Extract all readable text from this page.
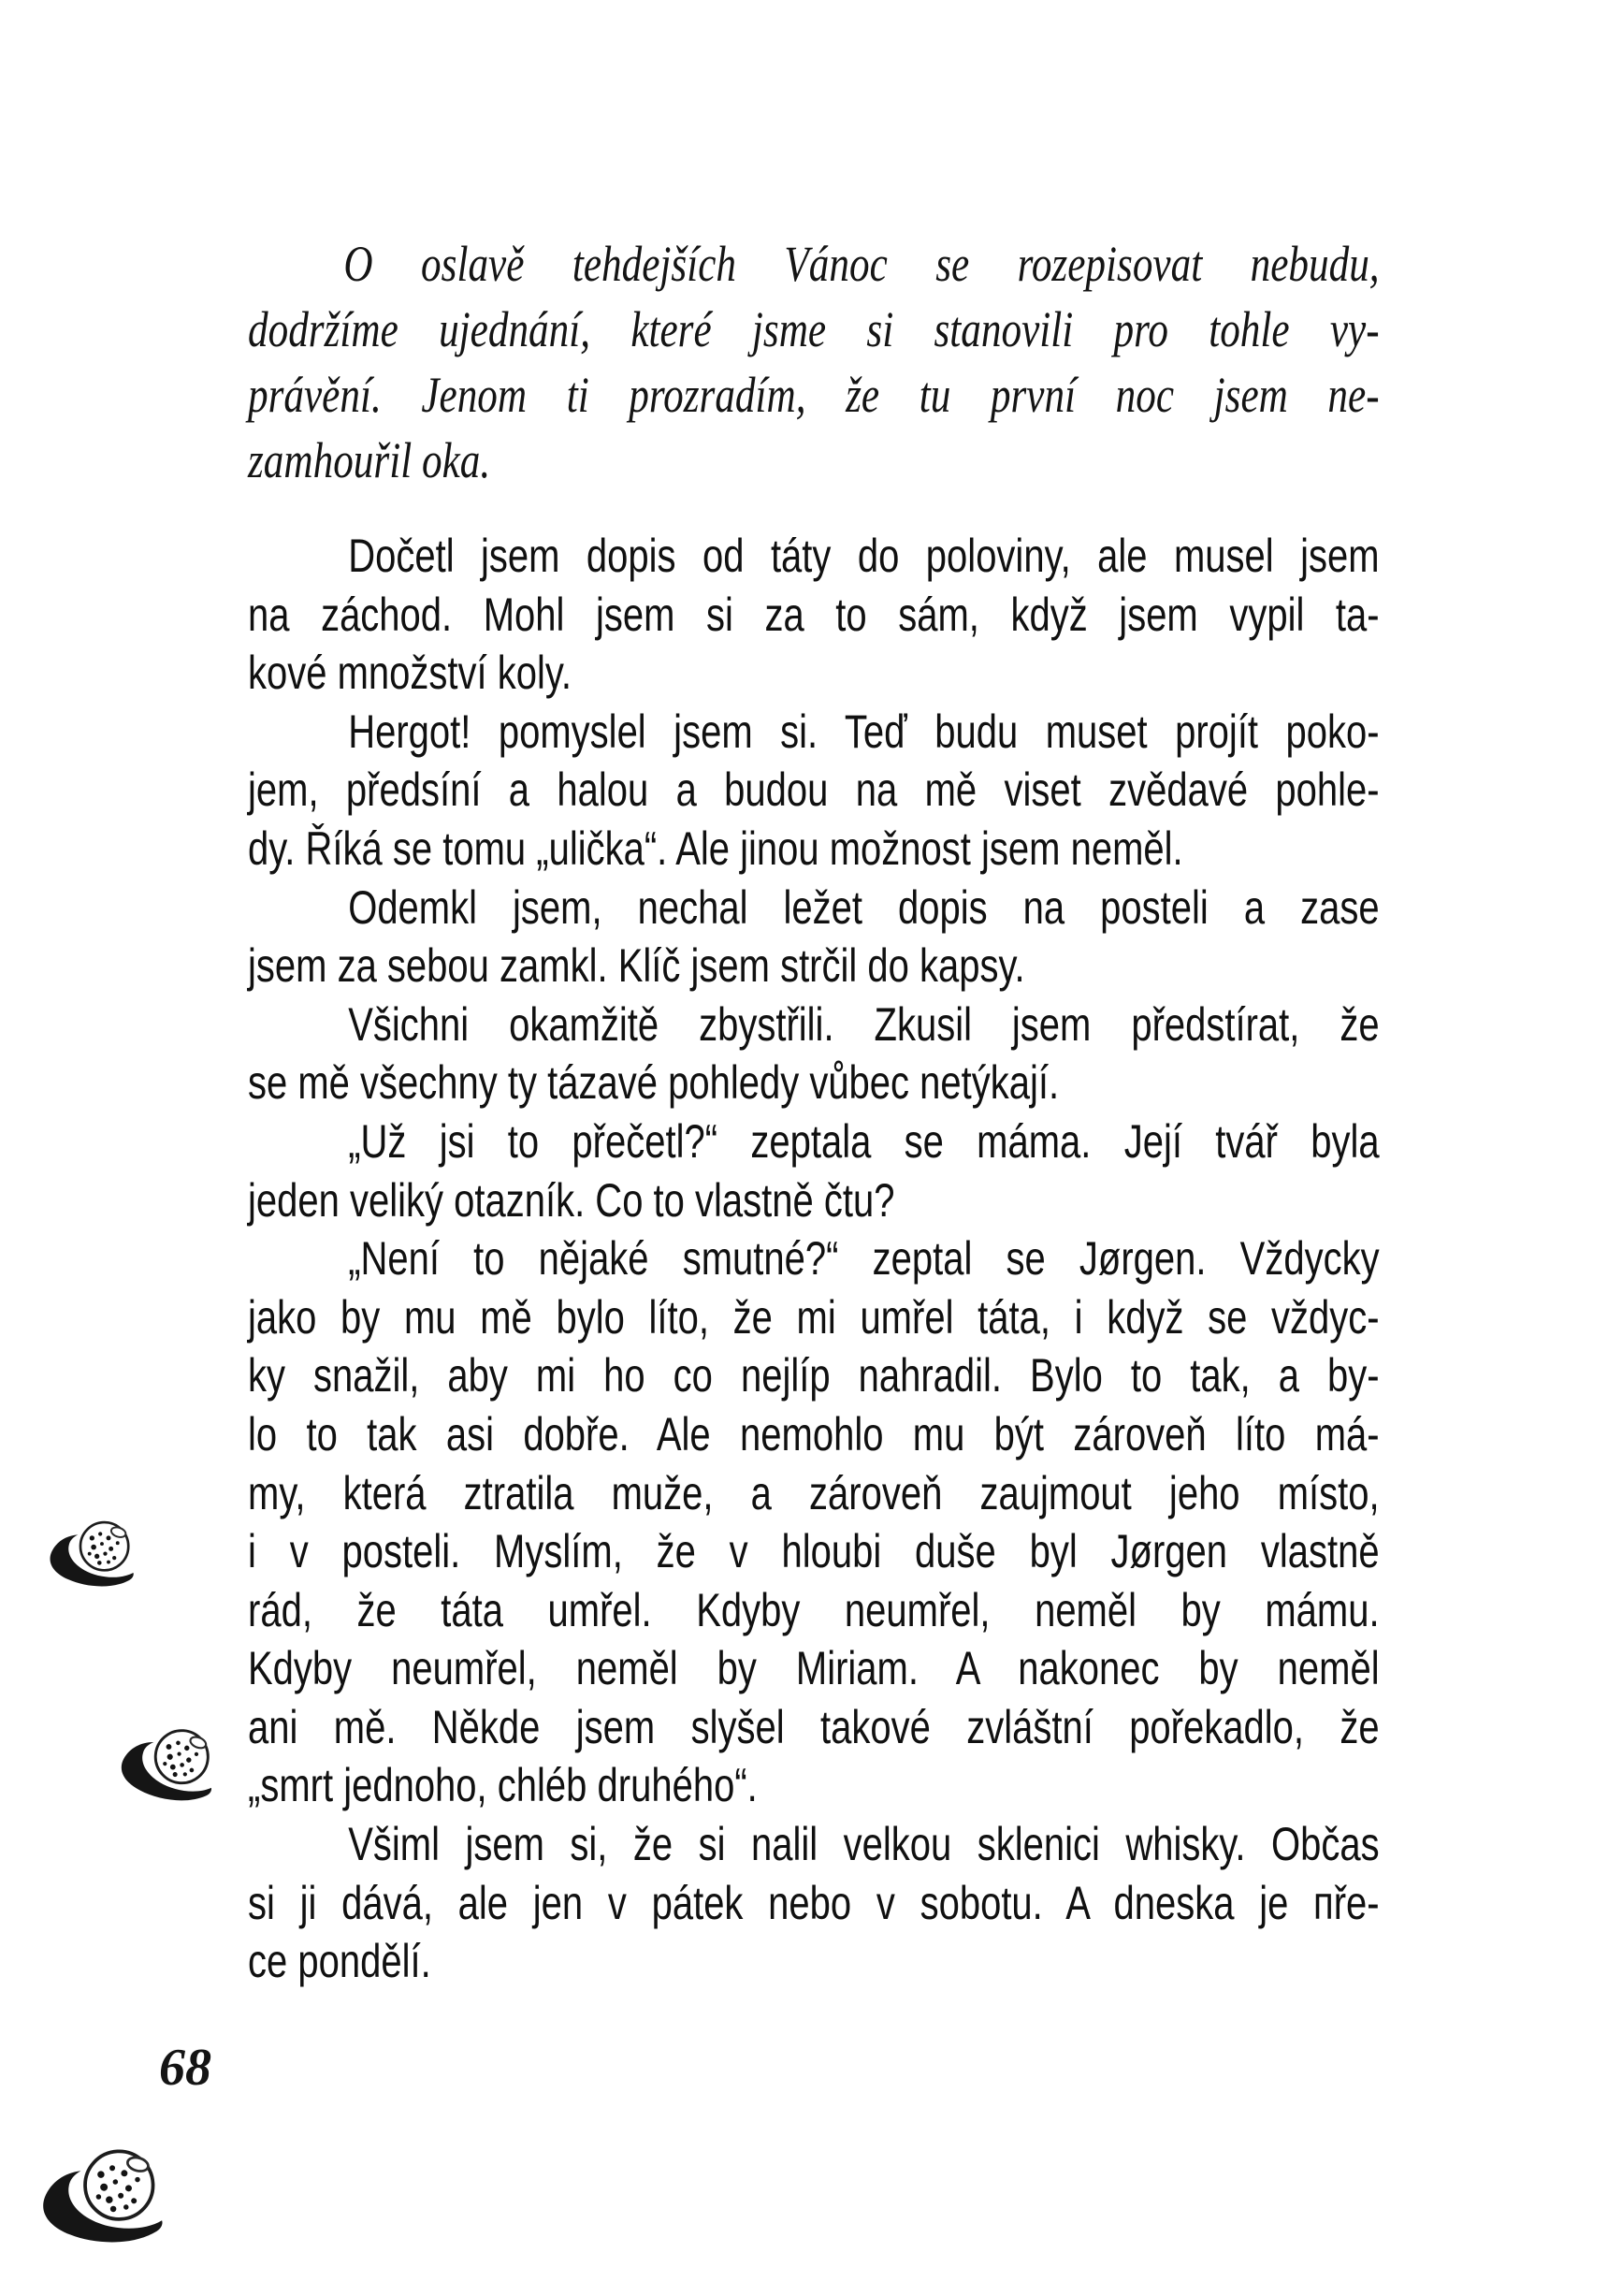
O oslavě tehdejších Vánoc se rozepisovat nebudu,
dodržíme ujednání, které jsme si stanovili pro tohle vy-
právění. Jenom ti prozradím, že tu první noc jsem ne-
zamhouřil oka.
Dočetl jsem dopis od táty do poloviny, ale musel jsem
na záchod. Mohl jsem si za to sám, když jsem vypil ta-
kové množství koly.
Hergot! pomyslel jsem si. Teď budu muset projít poko-
jem, předsíní a halou a budou na mě viset zvědavé pohle-
dy. Říká se tomu „ulička“. Ale jinou možnost jsem neměl.
Odemkl jsem, nechal ležet dopis na posteli a zase
jsem za sebou zamkl. Klíč jsem strčil do kapsy.
Všichni okamžitě zbystřili. Zkusil jsem předstírat, že
se mě všechny ty tázavé pohledy vůbec netýkají.
„Už jsi to přečetl?“ zeptala se máma. Její tvář byla
jeden veliký otazník. Co to vlastně čtu?
„Není to nějaké smutné?“ zeptal se Jørgen. Vždycky
jako by mu mě bylo líto, že mi umřel táta, i když se vždyc-
ky snažil, aby mi ho co nejlíp nahradil. Bylo to tak, a by-
lo to tak asi dobře. Ale nemohlo mu být zároveň líto má-
my, která ztratila muže, a zároveň zaujmout jeho místo,
i v posteli. Myslím, že v hloubi duše byl Jørgen vlastně
rád, že táta umřel. Kdyby neumřel, neměl by mámu.
Kdyby neumřel, neměl by Miriam. A nakonec by neměl
ani mě. Někde jsem slyšel takové zvláštní pořekadlo, že
„smrt jednoho, chléb druhého“.
Všiml jsem si, že si nalil velkou sklenici whisky. Občas
si ji dává, ale jen v pátek nebo v sobotu. A dneska je пře-
ce pondělí.
68
